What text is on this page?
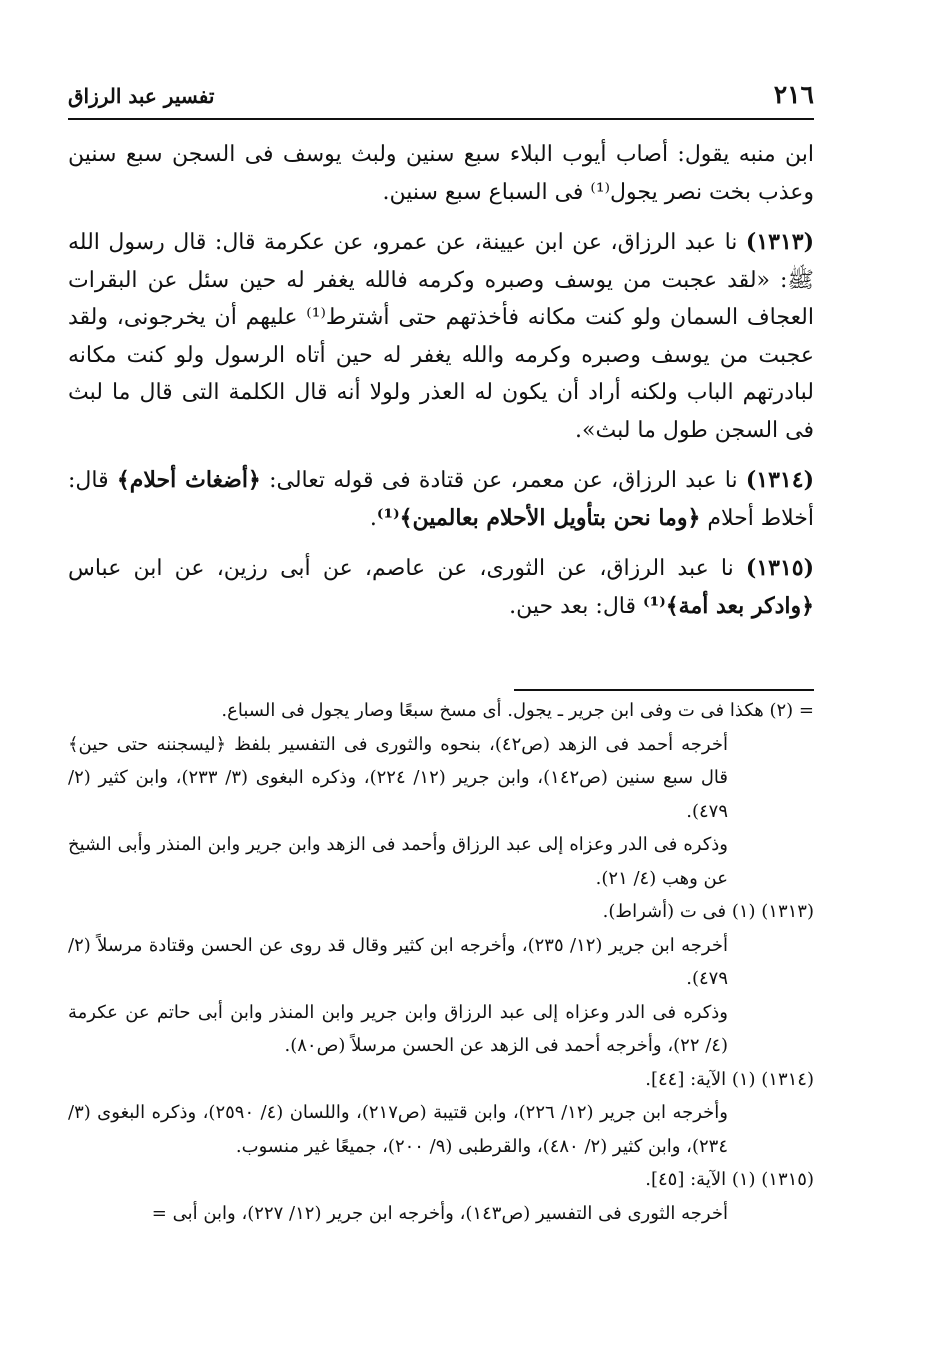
٢١٦
تفسير عبد الرزاق

ابن منبه يقول: أصاب أيوب البلاء سبع سنين ولبث يوسف فى السجن سبع سنين وعذب بخت نصر يجول⁽¹⁾ فى السباع سبع سنين.

(١٣١٣) نا عبد الرزاق، عن ابن عيينة، عن عمرو، عن عكرمة قال: قال رسول الله ﷺ: «لقد عجبت من يوسف وصبره وكرمه فالله يغفر له حين سئل عن البقرات العجاف السمان ولو كنت مكانه فأخذتهم حتى أشترط⁽¹⁾ عليهم أن يخرجونى، ولقد عجبت من يوسف وصبره وكرمه والله يغفر له حين أتاه الرسول ولو كنت مكانه لبادرتهم الباب ولكنه أراد أن يكون له العذر ولولا أنه قال الكلمة التى قال ما لبث فى السجن طول ما لبث».

(١٣١٤) نا عبد الرزاق، عن معمر، عن قتادة فى قوله تعالى: ﴿أضغاث أحلام﴾ قال: أخلاط أحلام ﴿وما نحن بتأويل الأحلام بعالمين﴾⁽¹⁾.

(١٣١٥) نا عبد الرزاق، عن الثورى، عن عاصم، عن أبى رزين، عن ابن عباس ﴿وادكر بعد أمة﴾⁽¹⁾ قال: بعد حين.

= (٢) هكذا فى ت وفى ابن جرير ـ يجول. أى مسخ سبعًا وصار يجول فى السباع.

أخرجه أحمد فى الزهد (ص٤٢)، بنحوه والثورى فى التفسير بلفظ ﴿ليسجننه حتى حين﴾ قال سبع سنين (ص١٤٢)، وابن جرير (١٢/ ٢٢٤)، وذكره البغوى (٣/ ٢٣٣)، وابن كثير (٢/ ٤٧٩).

وذكره فى الدر وعزاه إلى عبد الرزاق وأحمد فى الزهد وابن جرير وابن المنذر وأبى الشيخ عن وهب (٤/ ٢١).

(١٣١٣) (١) فى ت (أشراط).

أخرجه ابن جرير (١٢/ ٢٣٥)، وأخرجه ابن كثير وقال قد روى عن الحسن وقتادة مرسلاً (٢/ ٤٧٩).

وذكره فى الدر وعزاه إلى عبد الرزاق وابن جرير وابن المنذر وابن أبى حاتم عن عكرمة (٤/ ٢٢)، وأخرجه أحمد فى الزهد عن الحسن مرسلاً (ص٨٠).

(١٣١٤) (١) الآية: [٤٤].

وأخرجه ابن جرير (١٢/ ٢٢٦)، وابن قتيبة (ص٢١٧)، واللسان (٤/ ٢٥٩٠)، وذكره البغوى (٣/ ٢٣٤)، وابن كثير (٢/ ٤٨٠)، والقرطبى (٩/ ٢٠٠)، جميعًا غير منسوب.

(١٣١٥) (١) الآية: [٤٥].

أخرجه الثورى فى التفسير (ص١٤٣)، وأخرجه ابن جرير (١٢/ ٢٢٧)، وابن أبى =
